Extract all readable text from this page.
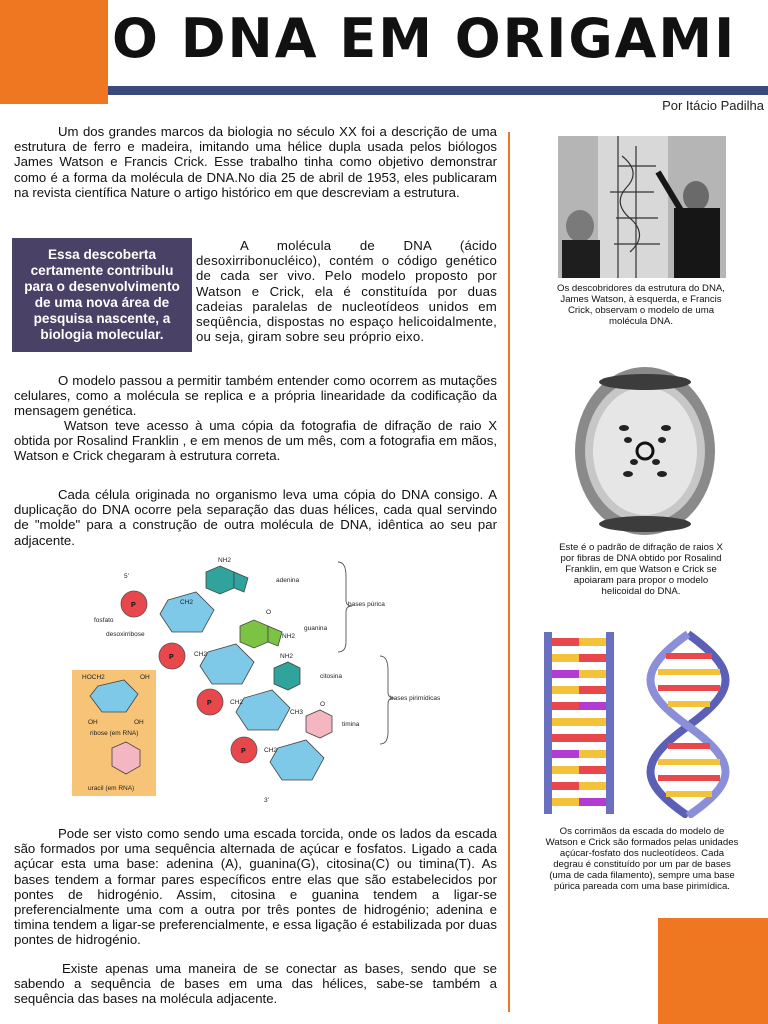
O DNA EM ORIGAMI
Por Itácio Padilha

Um dos grandes marcos da biologia no século XX foi a descrição de uma estrutura de ferro e madeira, imitando uma hélice dupla usada pelos biólogos James Watson e Francis Crick. Esse trabalho tinha como objetivo demonstrar como é a forma da molécula de DNA.No dia 25 de abril de 1953, eles publicaram na revista científica Nature o artigo histórico em que descreviam a estrutura.

Essa descoberta certamente contribulu para o desenvolvimento de uma nova área de pesquisa nascente, a biologia molecular.

A molécula de DNA (ácido desoxirribonucléico), contém o código genético de cada ser vivo. Pelo modelo proposto por Watson e Crick, ela é constituída por duas cadeias paralelas de nucleotídeos unidos em seqüência, dispostas no espaço helicoidalmente, ou seja, giram sobre seu próprio eixo.

O modelo passou a permitir também entender como ocorrem as mutações celulares, como a molécula se replica e a própria linearidade da codificação da mensagem genética.

Watson teve acesso à uma cópia da fotografia de difração de raio X obtida por Rosalind Franklin , e em menos de um mês, com a fotografia em mãos, Watson e Crick chegaram à estrutura correta.

Cada célula originada no organismo leva uma cópia do DNA consigo. A duplicação do DNA ocorre pela separação das duas hélices, cada qual servindo de "molde" para a construção de outra molécula de DNA, idêntica ao seu par adjacente.

HOCH2	OH
OH	OH
ribose (em RNA)
uracil (em RNA)
5'
fosfato
desoxirribose
3'
P
P
P
P
CH2
CH2
CH2
CH2
NH2
NH2
NH2
CH3
O
O
adenina
guanina
citosina
timina
bases púrica
bases pirimídicas

Pode ser visto como sendo uma escada torcida, onde os lados da escada são formados por uma sequência alternada de açúcar e fosfatos. Ligado a cada açúcar esta uma base: adenina (A), guanina(G), citosina(C) ou timina(T). As bases tendem a formar pares específicos entre elas que são estabelecidos por pontes de hidrogénio. Assim, citosina e guanina tendem a ligar-se preferencialmente uma com a outra por três pontes de hidrogénio; adenina e timina tendem a ligar-se preferencialmente, e essa ligação é estabilizada por duas pontes de hidrogénio.

Existe apenas uma maneira de se conectar as bases, sendo que se sabendo a sequência de bases em uma das hélices, sabe-se também a sequência das bases na molécula adjacente.

Os descobridores da estrutura do DNA, James Watson, à esquerda, e Francis Crick, observam o modelo de uma molécula DNA.
Este é o padrão de difração de raios X por fibras de DNA obtido por Rosalind Franklin, em que Watson e Crick se apoiaram para propor o modelo helicoidal do DNA.
Os corrimãos da escada do modelo de Watson e Crick são formados pelas unidades açúcar-fosfato dos nucleotídeos. Cada degrau é constituído por um par de bases (uma de cada filamento), sempre uma base púrica pareada com uma base pirimídica.
